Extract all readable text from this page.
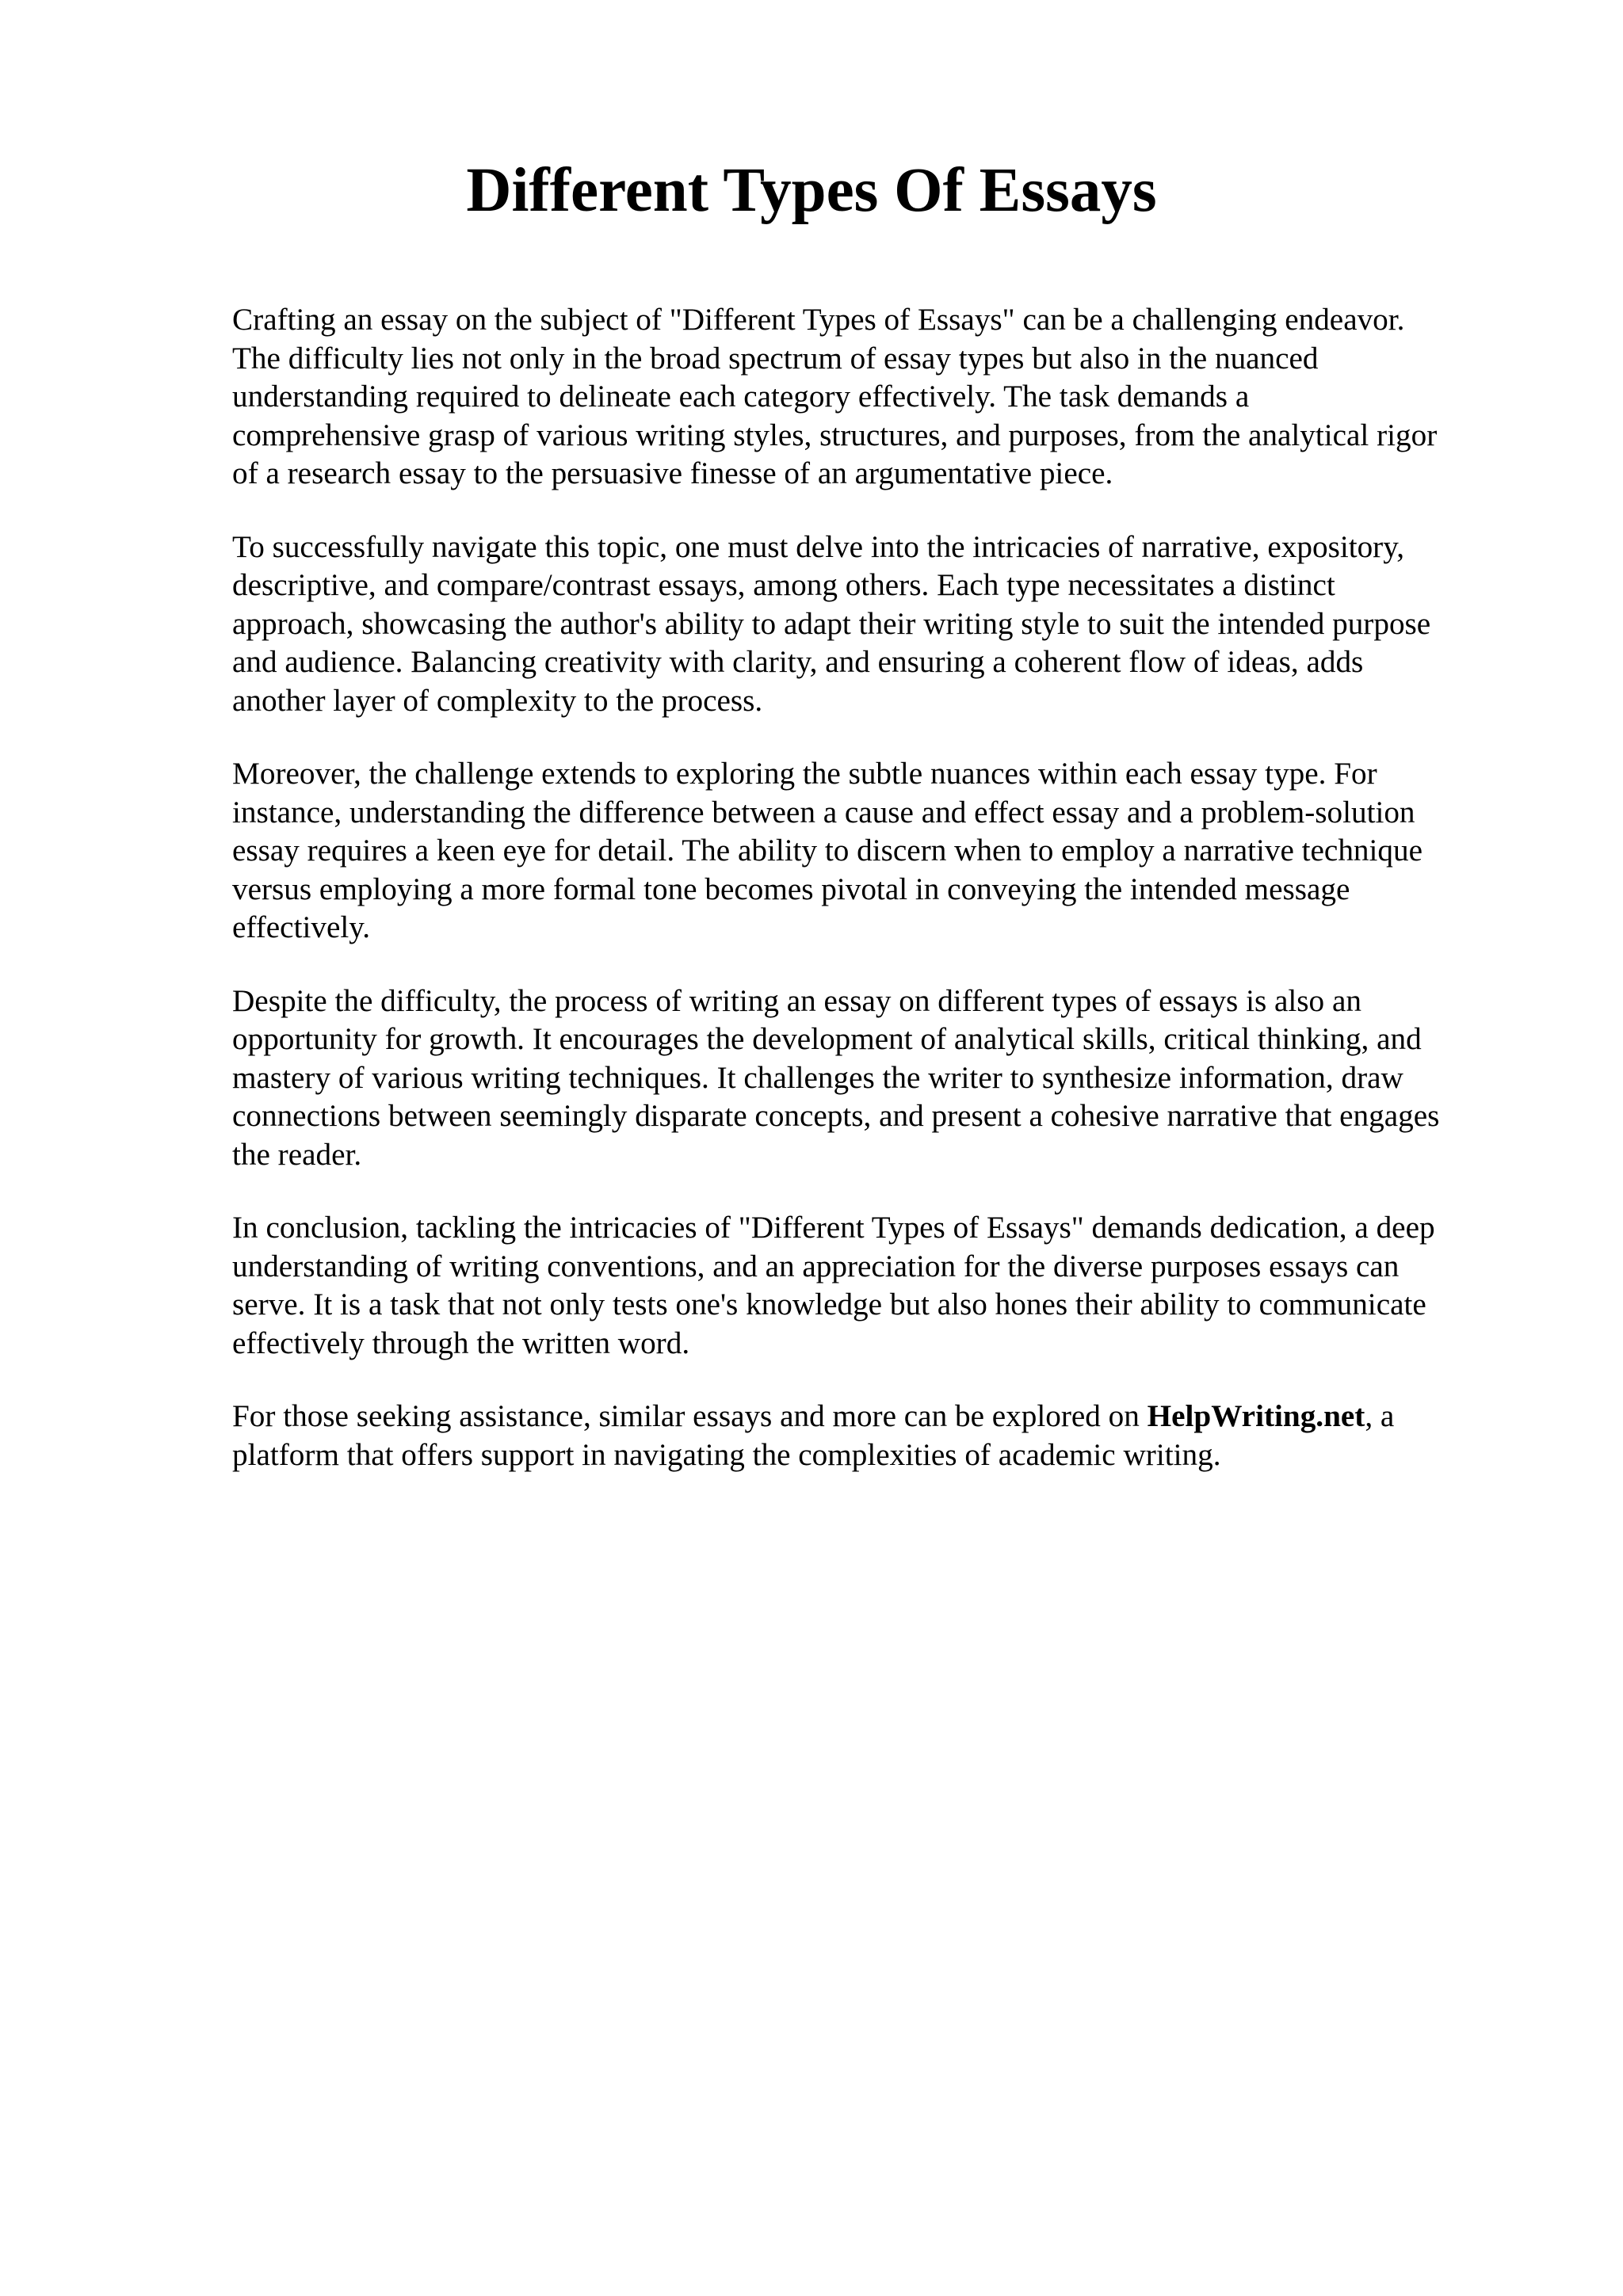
Different Types Of Essays

Crafting an essay on the subject of "Different Types of Essays" can be a challenging endeavor.
The difficulty lies not only in the broad spectrum of essay types but also in the nuanced
understanding required to delineate each category effectively. The task demands a
comprehensive grasp of various writing styles, structures, and purposes, from the analytical rigor
of a research essay to the persuasive finesse of an argumentative piece.

To successfully navigate this topic, one must delve into the intricacies of narrative, expository,
descriptive, and compare/contrast essays, among others. Each type necessitates a distinct
approach, showcasing the author's ability to adapt their writing style to suit the intended purpose
and audience. Balancing creativity with clarity, and ensuring a coherent flow of ideas, adds
another layer of complexity to the process.

Moreover, the challenge extends to exploring the subtle nuances within each essay type. For
instance, understanding the difference between a cause and effect essay and a problem-solution
essay requires a keen eye for detail. The ability to discern when to employ a narrative technique
versus employing a more formal tone becomes pivotal in conveying the intended message
effectively.

Despite the difficulty, the process of writing an essay on different types of essays is also an
opportunity for growth. It encourages the development of analytical skills, critical thinking, and
mastery of various writing techniques. It challenges the writer to synthesize information, draw
connections between seemingly disparate concepts, and present a cohesive narrative that engages
the reader.

In conclusion, tackling the intricacies of "Different Types of Essays" demands dedication, a deep
understanding of writing conventions, and an appreciation for the diverse purposes essays can
serve. It is a task that not only tests one's knowledge but also hones their ability to communicate
effectively through the written word.

For those seeking assistance, similar essays and more can be explored on HelpWriting.net, a
platform that offers support in navigating the complexities of academic writing.
